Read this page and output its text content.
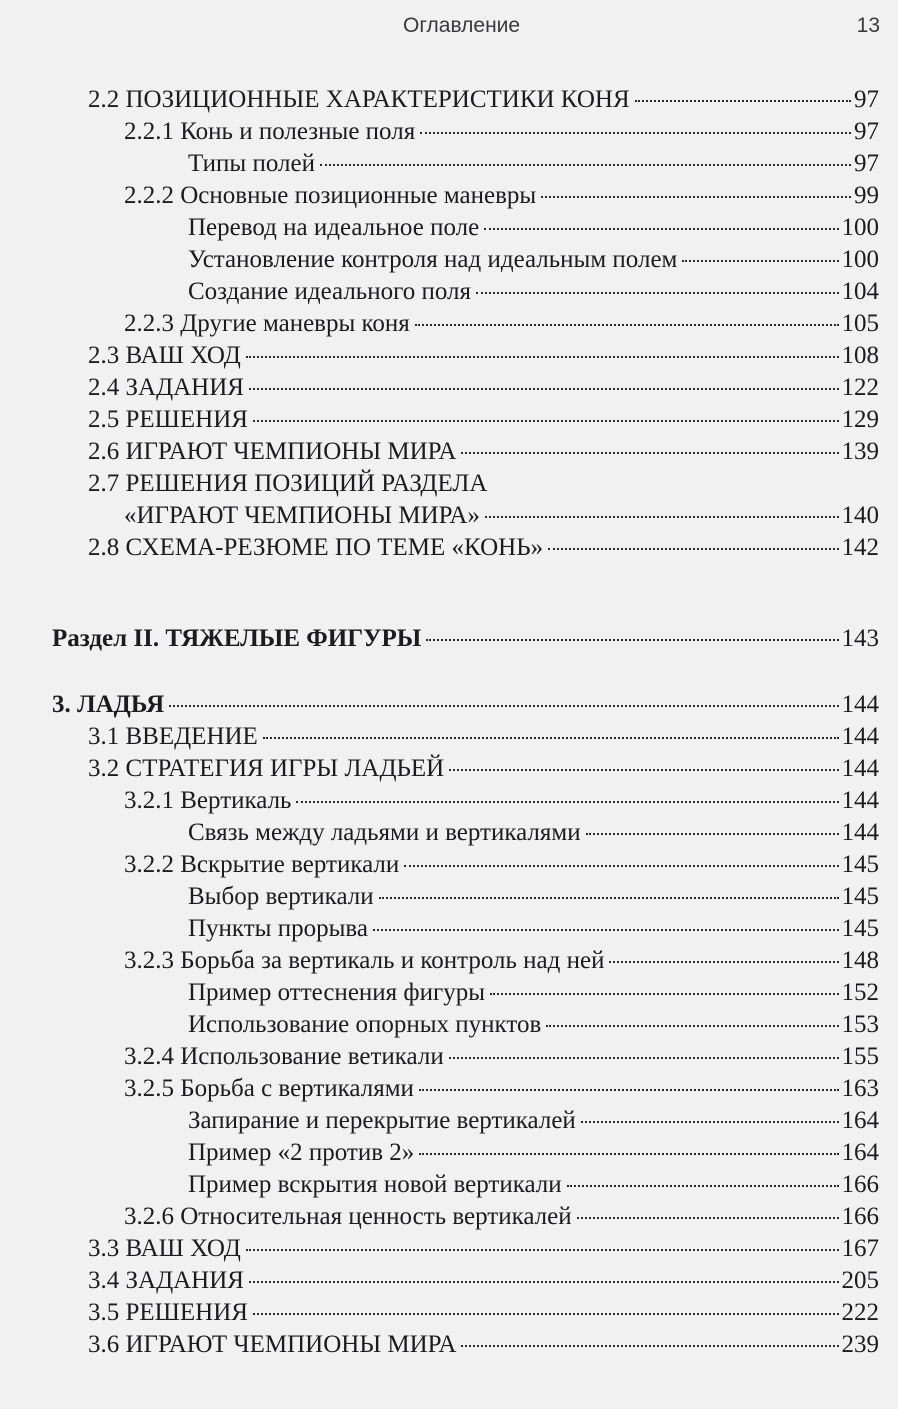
Оглавление	13
2.2 ПОЗИЦИОННЫЕ ХАРАКТЕРИСТИКИ КОНЯ	97
2.2.1 Конь и полезные поля	97
Типы полей	97
2.2.2 Основные позиционные маневры	99
Перевод на идеальное поле	100
Установление контроля над идеальным полем	100
Создание идеального поля	104
2.2.3 Другие маневры коня	105
2.3 ВАШ ХОД	108
2.4 ЗАДАНИЯ	122
2.5 РЕШЕНИЯ	129
2.6 ИГРАЮТ ЧЕМПИОНЫ МИРА	139
2.7 РЕШЕНИЯ ПОЗИЦИЙ РАЗДЕЛА
«ИГРАЮТ ЧЕМПИОНЫ МИРА»	140
2.8 СХЕМА-РЕЗЮМЕ ПО ТЕМЕ «КОНЬ»	142
Раздел II. ТЯЖЕЛЫЕ ФИГУРЫ	143
3. ЛАДЬЯ	144
3.1 ВВЕДЕНИЕ	144
3.2 СТРАТЕГИЯ ИГРЫ ЛАДЬЕЙ	144
3.2.1 Вертикаль	144
Связь между ладьями и вертикалями	144
3.2.2 Вскрытие вертикали	145
Выбор вертикали	145
Пункты прорыва	145
3.2.3 Борьба за вертикаль и контроль над ней	148
Пример оттеснения фигуры	152
Использование опорных пунктов	153
3.2.4 Использование ветикали	155
3.2.5 Борьба с вертикалями	163
Запирание и перекрытие вертикалей	164
Пример «2 против 2»	164
Пример вскрытия новой вертикали	166
3.2.6 Относительная ценность вертикалей	166
3.3 ВАШ ХОД	167
3.4 ЗАДАНИЯ	205
3.5 РЕШЕНИЯ	222
3.6 ИГРАЮТ ЧЕМПИОНЫ МИРА	239
